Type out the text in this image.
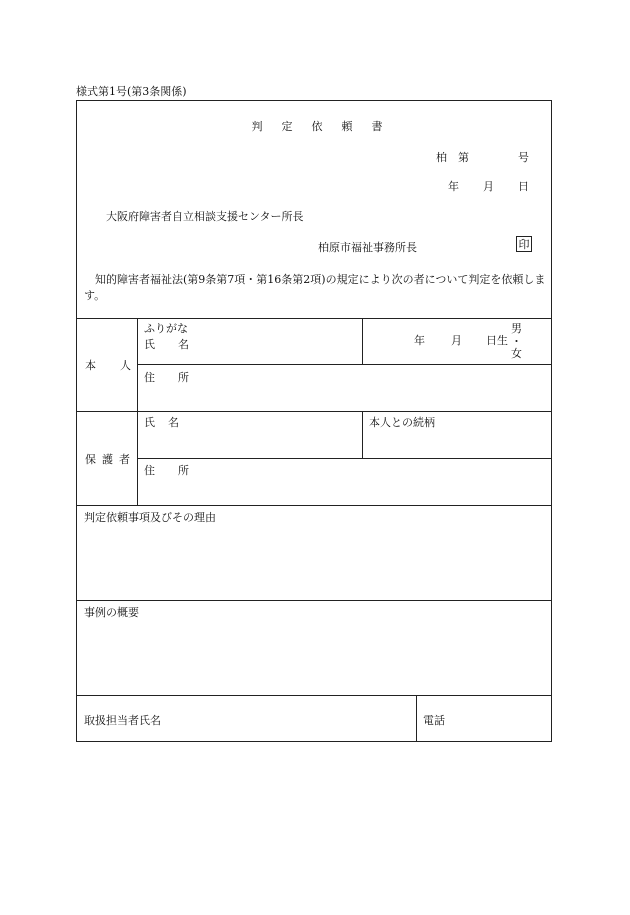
様式第1号(第3条関係)
判 定 依 頼 書
柏 第	号
年 月 日
大阪府障害者自立相談支援センター所長
柏原市福祉事務所長	印
　知的障害者福祉法(第9条第7項・第16条第2項)の規定により次の者について判定を依頼します。
本 人
ふりがな
氏 名	年 月 日生
男
・
女
住 所
保 護 者
氏 名	本人との続柄
住 所
判定依頼事項及びその理由
事例の概要
取扱担当者氏名	電話
